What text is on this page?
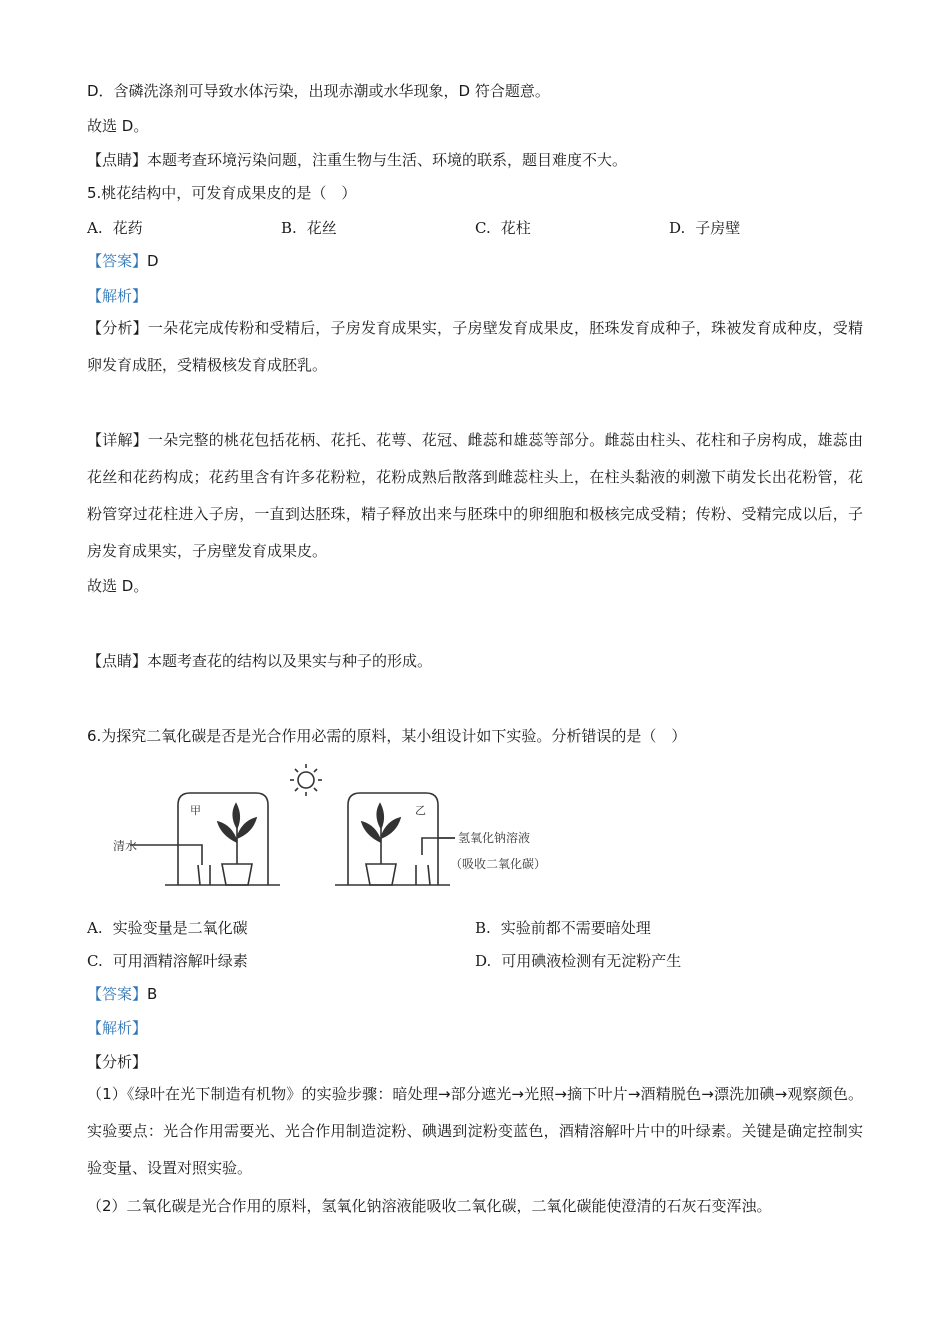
D．含磷洗涤剂可导致水体污染，出现赤潮或水华现象，D 符合题意。
故选 D。
【点睛】本题考查环境污染问题，注重生物与生活、环境的联系，题目难度不大。
5.桃花结构中，可发育成果皮的是（　）
A. 花药	B. 花丝	C. 花柱	D. 子房壁
【答案】D
【解析】
【分析】一朵花完成传粉和受精后，子房发育成果实，子房壁发育成果皮，胚珠发育成种子，珠被发育成种皮，受精卵发育成胚，受精极核发育成胚乳。
【详解】一朵完整的桃花包括花柄、花托、花萼、花冠、雌蕊和雄蕊等部分。雌蕊由柱头、花柱和子房构成，雄蕊由花丝和花药构成；花药里含有许多花粉粒，花粉成熟后散落到雌蕊柱头上，在柱头黏液的刺激下萌发长出花粉管，花粉管穿过花柱进入子房，一直到达胚珠，精子释放出来与胚珠中的卵细胞和极核完成受精；传粉、受精完成以后，子房发育成果实，子房壁发育成果皮。
故选 D。
【点睛】本题考查花的结构以及果实与种子的形成。
6.为探究二氧化碳是否是光合作用必需的原料，某小组设计如下实验。分析错误的是（　）
清水
甲	乙
氢氧化钠溶液
（吸收二氧化碳）
A. 实验变量是二氧化碳	B. 实验前都不需要暗处理
C. 可用酒精溶解叶绿素	D. 可用碘液检测有无淀粉产生
【答案】B
【解析】
【分析】
（1）《绿叶在光下制造有机物》的实验步骤：暗处理→部分遮光→光照→摘下叶片→酒精脱色→漂洗加碘→观察颜色。实验要点：光合作用需要光、光合作用制造淀粉、碘遇到淀粉变蓝色，酒精溶解叶片中的叶绿素。关键是确定控制实验变量、设置对照实验。
（2）二氧化碳是光合作用的原料，氢氧化钠溶液能吸收二氧化碳，二氧化碳能使澄清的石灰石变浑浊。
